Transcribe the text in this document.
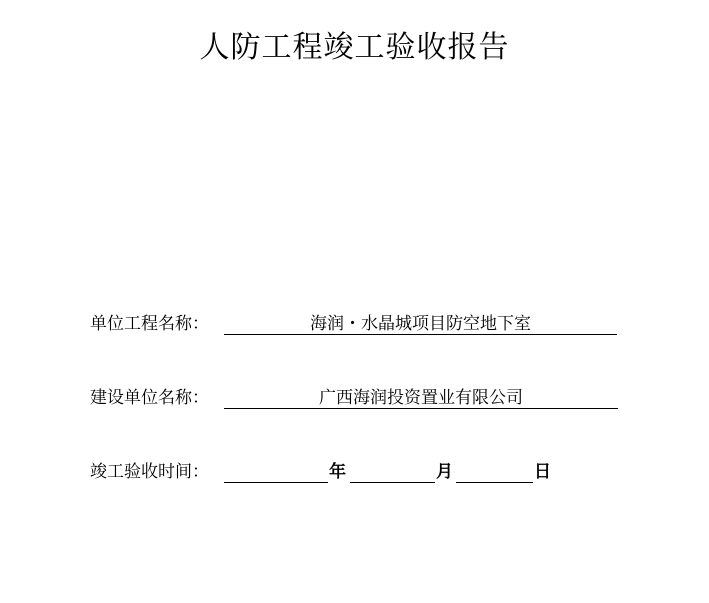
人防工程竣工验收报告
单位工程名称：	海润・水晶城项目防空地下室
建设单位名称：	广西海润投资置业有限公司
竣工验收时间：	年	月	日
